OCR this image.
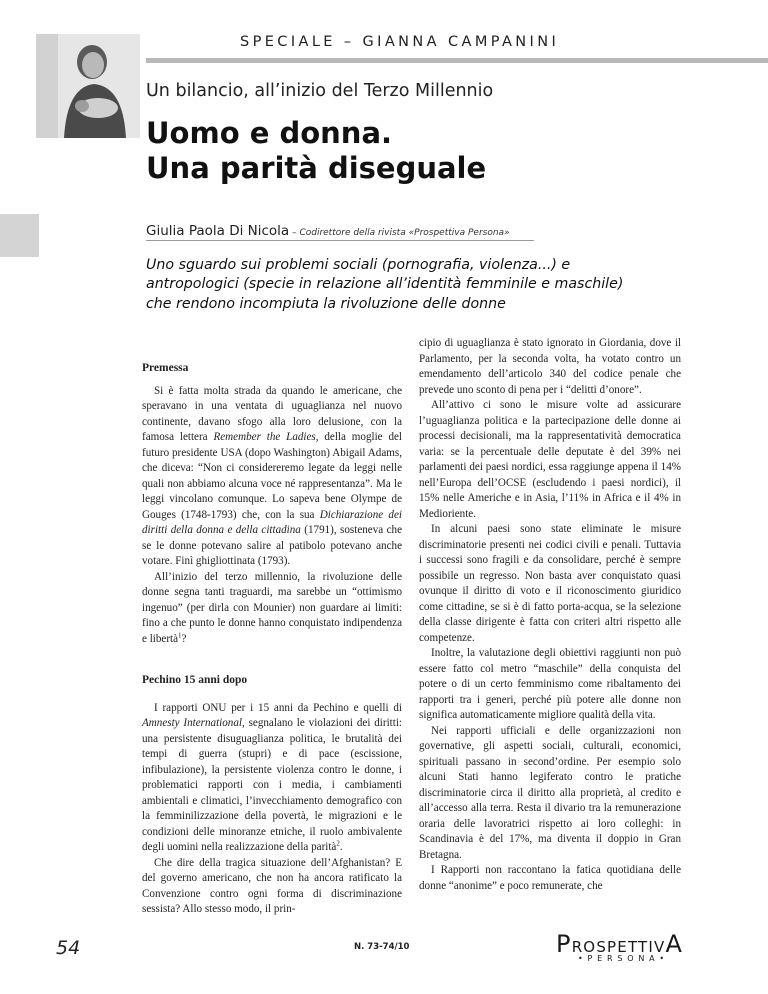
SPECIALE – GIANNA CAMPANINI
Un bilancio, all’inizio del Terzo Millennio
Uomo e donna.
Una parità diseguale
Giulia Paola Di Nicola – Codirettore della rivista «Prospettiva Persona»
Uno sguardo sui problemi sociali (pornografia, violenza...) e
antropologici (specie in relazione all’identità femminile e maschile)
che rendono incompiuta la rivoluzione delle donne
Premessa

Si è fatta molta strada da quando le americane, che speravano in una ventata di uguaglianza nel nuovo continente, davano sfogo alla loro delusione, con la famosa lettera Remember the Ladies, della moglie del futuro presidente USA (dopo Washington) Abigail Adams, che diceva: “Non ci considereremo legate da leggi nelle quali non abbiamo alcuna voce né rappresentanza”. Ma le leggi vincolano comunque. Lo sapeva bene Olympe de Gouges (1748-1793) che, con la sua Dichiarazione dei diritti della donna e della cittadina (1791), sosteneva che se le donne potevano salire al patibolo potevano anche votare. Finì ghigliottinata (1793).

All’inizio del terzo millennio, la rivoluzione delle donne segna tanti traguardi, ma sarebbe un “ottimismo ingenuo” (per dirla con Mounier) non guardare ai limiti: fino a che punto le donne hanno conquistato indipendenza e libertà$^1$?

Pechino 15 anni dopo

I rapporti ONU per i 15 anni da Pechino e quelli di Amnesty International, segnalano le violazioni dei diritti: una persistente disuguaglianza politica, le brutalità dei tempi di guerra (stupri) e di pace (escissione, infibulazione), la persistente violenza contro le donne, i problematici rapporti con i media, i cambiamenti ambientali e climatici, l’invecchiamento demografico con la femminilizzazione della povertà, le migrazioni e le condizioni delle minoranze etniche, il ruolo ambivalente degli uomini nella realizzazione della parità$^2$.

Che dire della tragica situazione dell’Afghanistan? E del governo americano, che non ha ancora ratificato la Convenzione contro ogni forma di discriminazione sessista? Allo stesso modo, il prin-

cipio di uguaglianza è stato ignorato in Giordania, dove il Parlamento, per la seconda volta, ha votato contro un emendamento dell’articolo 340 del codice penale che prevede uno sconto di pena per i “delitti d’onore”.

All’attivo ci sono le misure volte ad assicurare l’uguaglianza politica e la partecipazione delle donne ai processi decisionali, ma la rappresentatività democratica varia: se la percentuale delle deputate è del 39% nei parlamenti dei paesi nordici, essa raggiunge appena il 14% nell’Europa dell’OCSE (escludendo i paesi nordici), il 15% nelle Americhe e in Asia, l’11% in Africa e il 4% in Medioriente.

In alcuni paesi sono state eliminate le misure discriminatorie presenti nei codici civili e penali. Tuttavia i successi sono fragili e da consolidare, perché è sempre possibile un regresso. Non basta aver conquistato quasi ovunque il diritto di voto e il riconoscimento giuridico come cittadine, se si è di fatto porta-acqua, se la selezione della classe dirigente è fatta con criteri altri rispetto alle competenze.

Inoltre, la valutazione degli obiettivi raggiunti non può essere fatto col metro “maschile” della conquista del potere o di un certo femminismo come ribaltamento dei rapporti tra i generi, perché più potere alle donne non significa automaticamente migliore qualità della vita.

Nei rapporti ufficiali e delle organizzazioni non governative, gli aspetti sociali, culturali, economici, spirituali passano in second’ordine. Per esempio solo alcuni Stati hanno legiferato contro le pratiche discriminatorie circa il diritto alla proprietà, al credito e all’accesso alla terra. Resta il divario tra la remunerazione oraria delle lavoratrici rispetto ai loro colleghi: in Scandinavia è del 17%, ma diventa il doppio in Gran Bretagna.

I Rapporti non raccontano la fatica quotidiana delle donne “anonime” e poco remunerate, che

54	N. 73-74/10	PROSPETTIVA
•PERSONA•
